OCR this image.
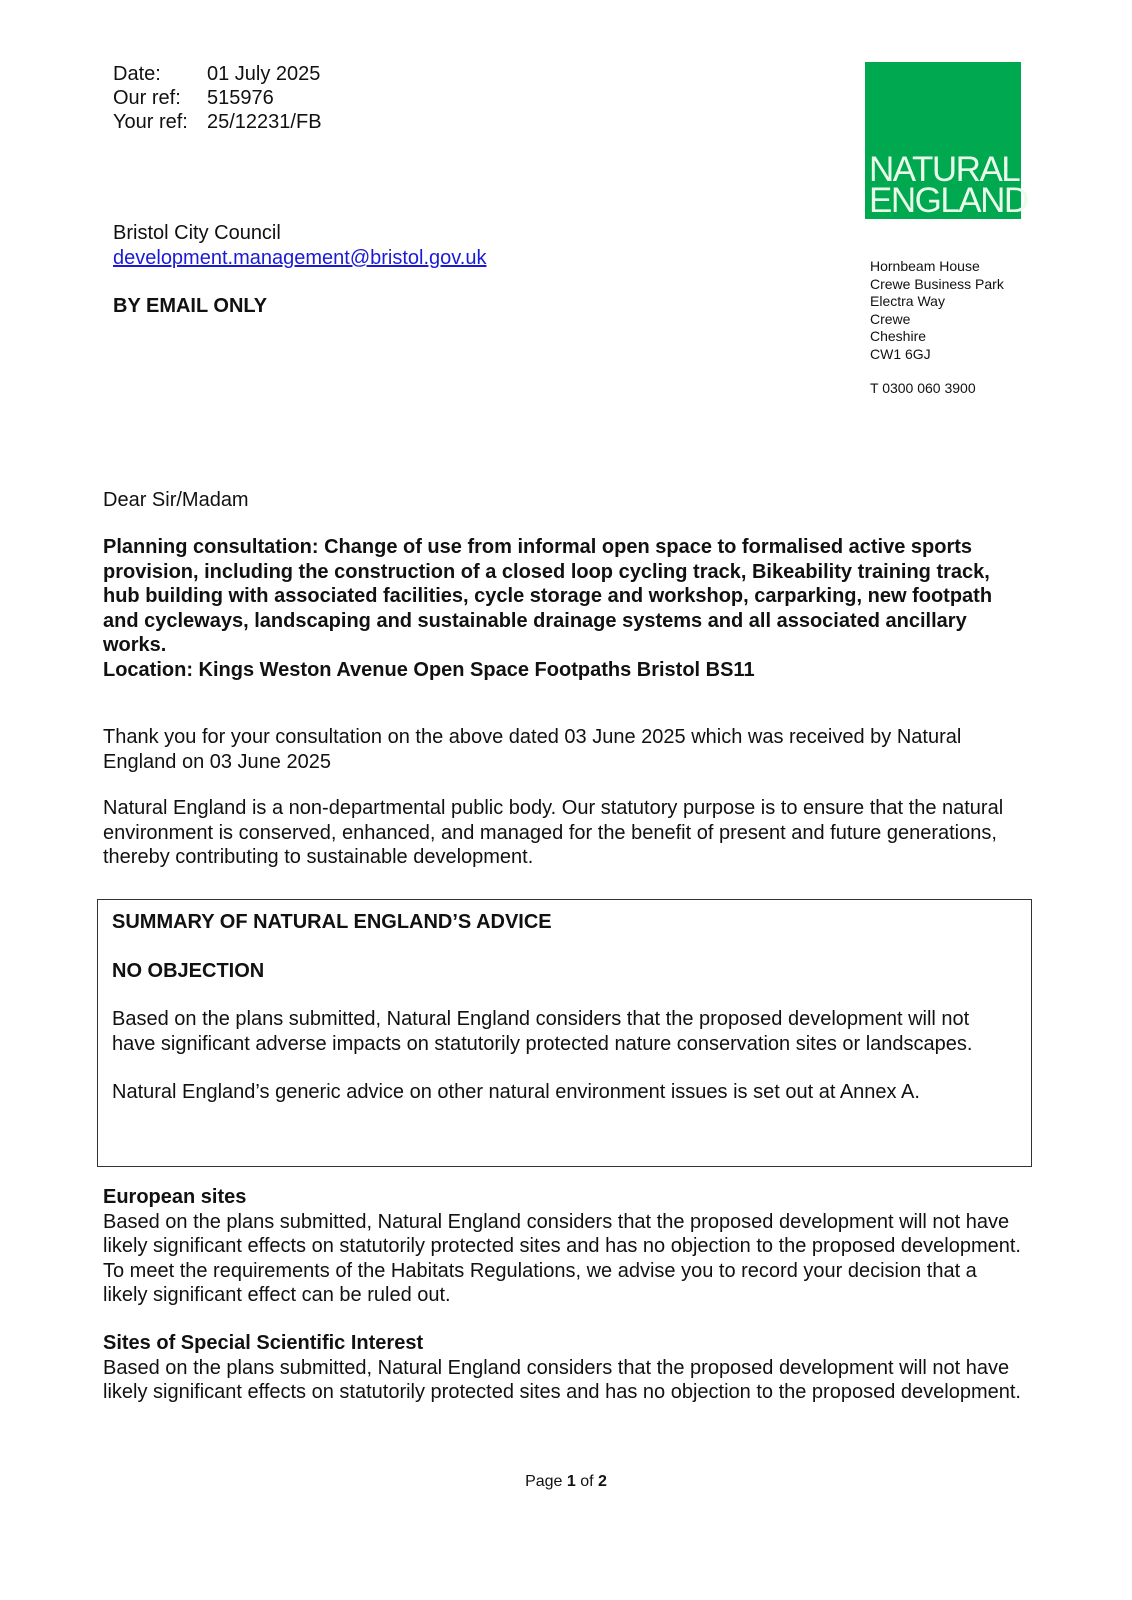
Date:	01 July 2025
Our ref:	515976
Your ref: 25/12231/FB
NATURAL
ENGLAND
Hornbeam House
Crewe Business Park
Electra Way
Crewe
Cheshire
CW1 6GJ
T 0300 060 3900
Bristol City Council
development.management@bristol.gov.uk
BY EMAIL ONLY
Dear Sir/Madam

Planning consultation: Change of use from informal open space to formalised active sports provision, including the construction of a closed loop cycling track, Bikeability training track, hub building with associated facilities, cycle storage and workshop, carparking, new footpath and cycleways, landscaping and sustainable drainage systems and all associated ancillary works.

Location: Kings Weston Avenue Open Space Footpaths Bristol BS11

Thank you for your consultation on the above dated 03 June 2025 which was received by Natural England on 03 June 2025

Natural England is a non-departmental public body. Our statutory purpose is to ensure that the natural environment is conserved, enhanced, and managed for the benefit of present and future generations, thereby contributing to sustainable development.

SUMMARY OF NATURAL ENGLAND’S ADVICE

NO OBJECTION

Based on the plans submitted, Natural England considers that the proposed development will not have significant adverse impacts on statutorily protected nature conservation sites or landscapes.

Natural England’s generic advice on other natural environment issues is set out at Annex A.

European sites

Based on the plans submitted, Natural England considers that the proposed development will not have likely significant effects on statutorily protected sites and has no objection to the proposed development. To meet the requirements of the Habitats Regulations, we advise you to record your decision that a likely significant effect can be ruled out.

Sites of Special Scientific Interest

Based on the plans submitted, Natural England considers that the proposed development will not have likely significant effects on statutorily protected sites and has no objection to the proposed development.

Page 1 of 2
